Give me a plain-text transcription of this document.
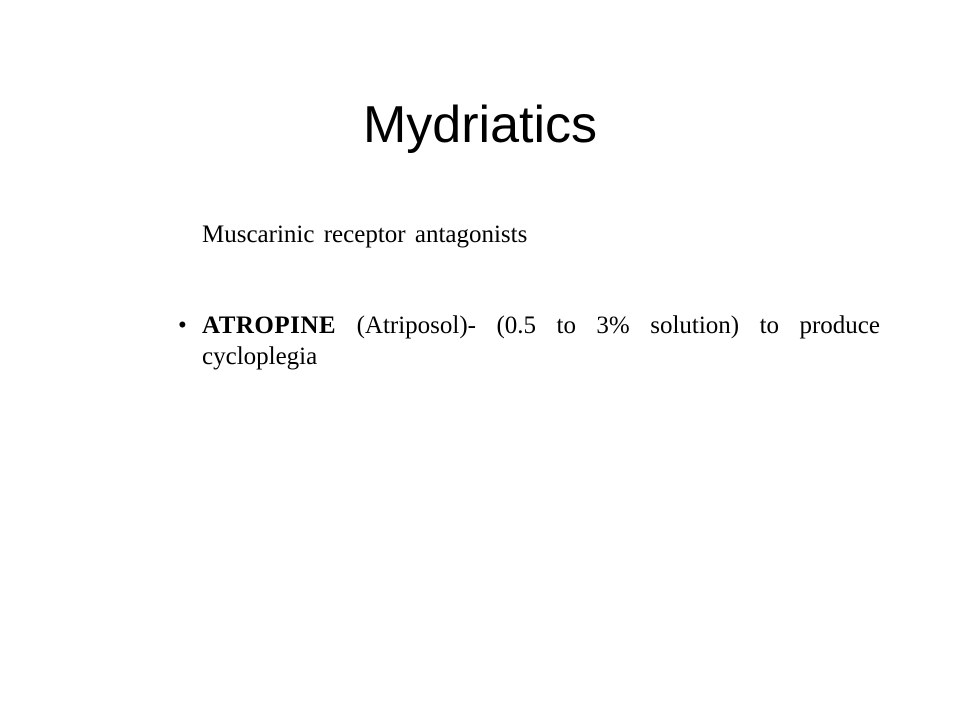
Mydriatics
Muscarinic receptor antagonists
• ATROPINE (Atriposol)- (0.5 to 3% solution) to produce cycloplegia
